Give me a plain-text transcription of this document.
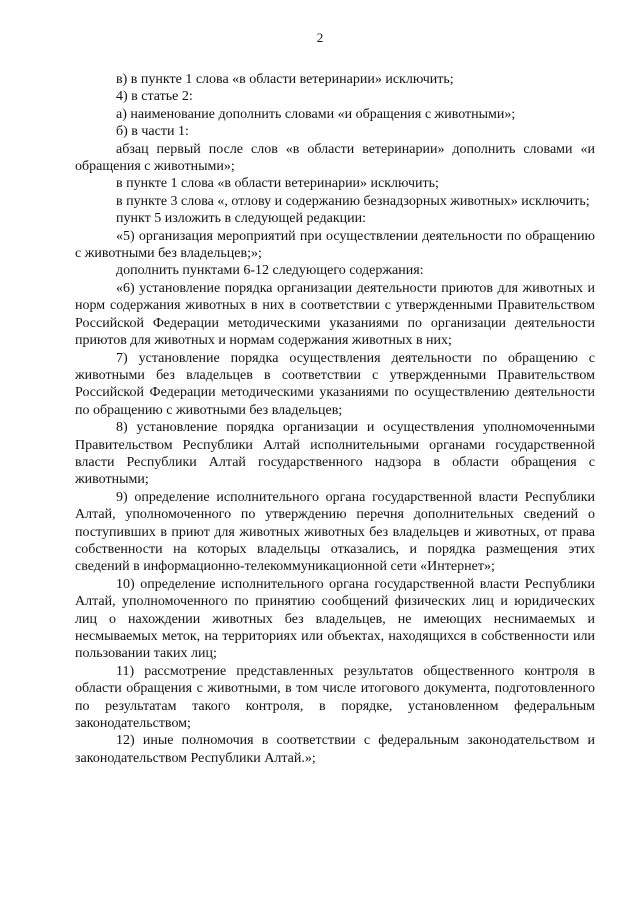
2

в) в пункте 1 слова «в области ветеринарии» исключить;

4) в статье 2:

а) наименование дополнить словами «и обращения с животными»;

б) в части 1:

абзац первый после слов «в области ветеринарии» дополнить словами «и обращения с животными»;

в пункте 1 слова «в области ветеринарии» исключить;

в пункте 3 слова «, отлову и содержанию безнадзорных животных» исключить;

пункт 5 изложить в следующей редакции:

«5) организация мероприятий при осуществлении деятельности по обращению с животными без владельцев;»;

дополнить пунктами 6-12 следующего содержания:

«6) установление порядка организации деятельности приютов для животных и норм содержания животных в них в соответствии с утвержденными Правительством Российской Федерации методическими указаниями по организации деятельности приютов для животных и нормам содержания животных в них;

7) установление порядка осуществления деятельности по обращению с животными без владельцев в соответствии с утвержденными Правительством Российской Федерации методическими указаниями по осуществлению деятельности по обращению с животными без владельцев;

8) установление порядка организации и осуществления уполномоченными Правительством Республики Алтай исполнительными органами государственной власти Республики Алтай государственного надзора в области обращения с животными;

9) определение исполнительного органа государственной власти Республики Алтай, уполномоченного по утверждению перечня дополнительных сведений о поступивших в приют для животных животных без владельцев и животных, от права собственности на которых владельцы отказались, и порядка размещения этих сведений в информационно-телекоммуникационной сети «Интернет»;

10) определение исполнительного органа государственной власти Республики Алтай, уполномоченного по принятию сообщений физических лиц и юридических лиц о нахождении животных без владельцев, не имеющих неснимаемых и несмываемых меток, на территориях или объектах, находящихся в собственности или пользовании таких лиц;

11) рассмотрение представленных результатов общественного контроля в области обращения с животными, в том числе итогового документа, подготовленного по результатам такого контроля, в порядке, установленном федеральным законодательством;

12) иные полномочия в соответствии с федеральным законодательством и законодательством Республики Алтай.»;
